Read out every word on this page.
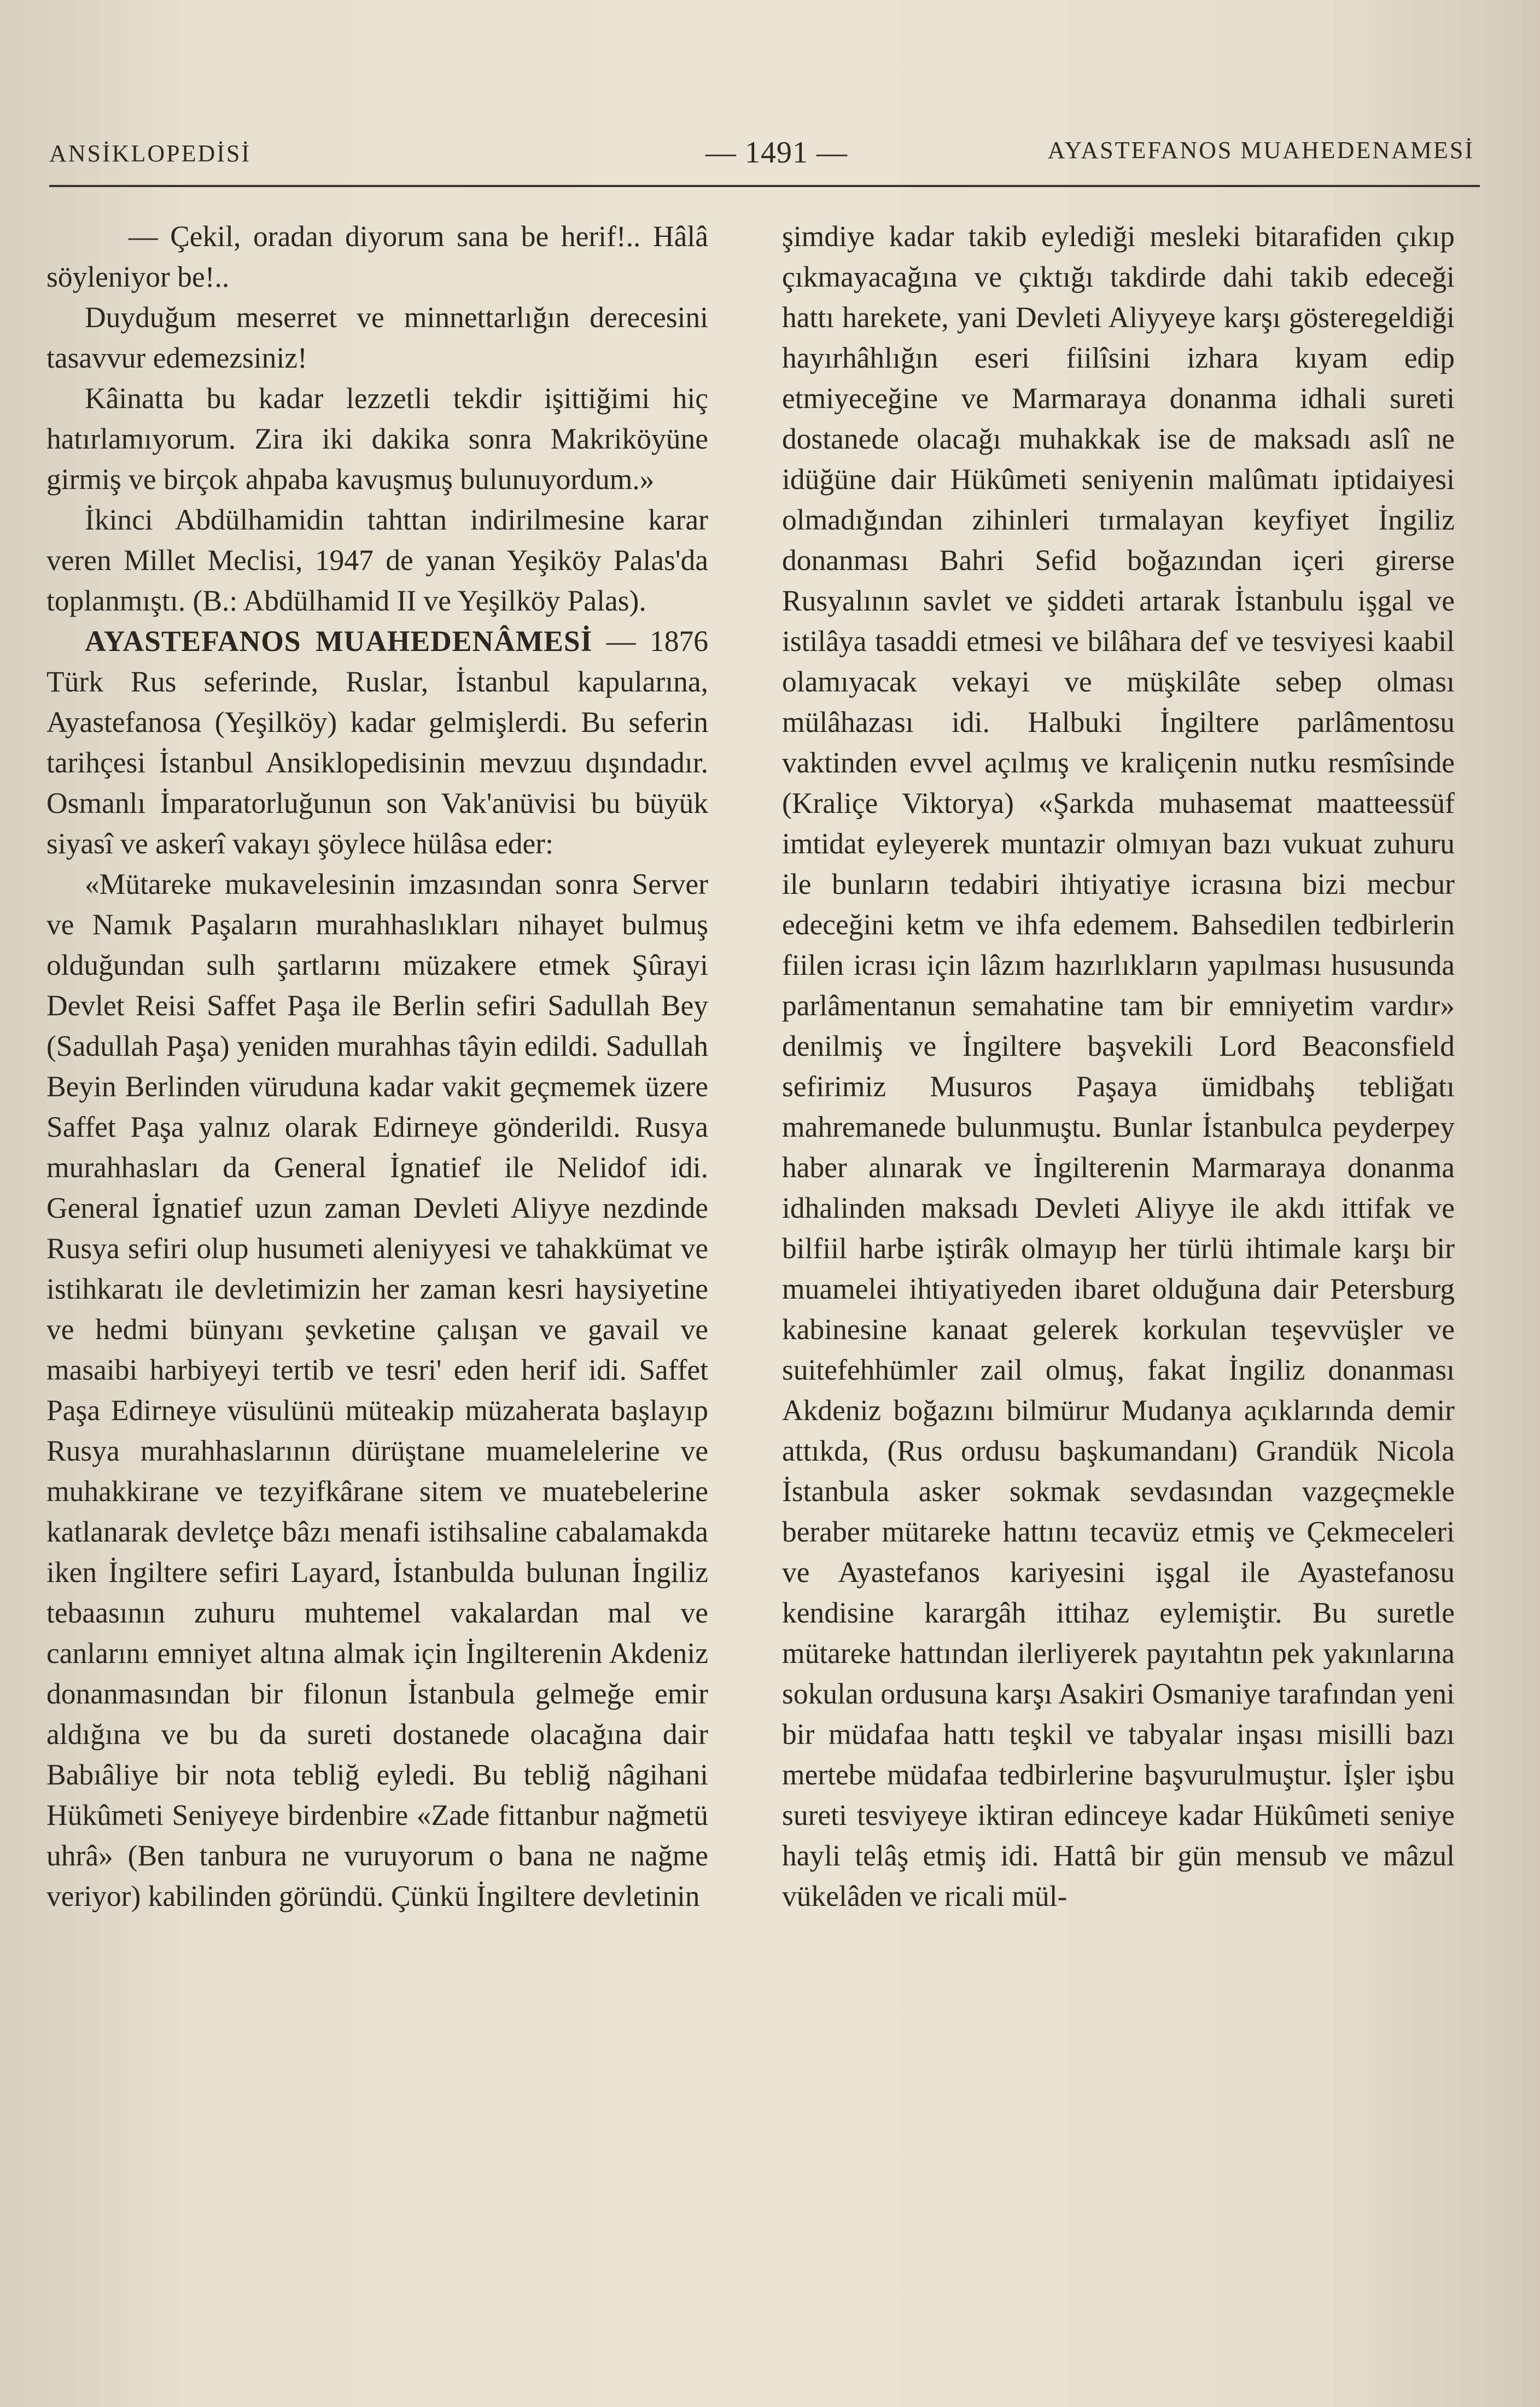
ANSİKLOPEDİSİ	— 1491 —	AYASTEFANOS MUAHEDENAMESİ

— Çekil, oradan diyorum sana be herif!.. Hâlâ söyleniyor be!..

Duyduğum meserret ve minnettarlığın derecesini tasavvur edemezsiniz!

Kâinatta bu kadar lezzetli tekdir işittiğimi hiç hatırlamıyorum. Zira iki dakika sonra Makriköyüne girmiş ve birçok ahpaba kavuşmuş bulunuyordum.»

İkinci Abdülhamidin tahttan indirilmesine karar veren Millet Meclisi, 1947 de yanan Yeşiköy Palas'da toplanmıştı. (B.: Abdülhamid II ve Yeşilköy Palas).

AYASTEFANOS MUAHEDENÂMESİ — 1876 Türk Rus seferinde, Ruslar, İstanbul kapularına, Ayastefanosa (Yeşilköy) kadar gelmişlerdi. Bu seferin tarihçesi İstanbul Ansiklopedisinin mevzuu dışındadır. Osmanlı İmparatorluğunun son Vak'anüvisi bu büyük siyasî ve askerî vakayı şöylece hülâsa eder:

«Mütareke mukavelesinin imzasından sonra Server ve Namık Paşaların murahhaslıkları nihayet bulmuş olduğundan sulh şartlarını müzakere etmek Şûrayi Devlet Reisi Saffet Paşa ile Berlin sefiri Sadullah Bey (Sadullah Paşa) yeniden murahhas tâyin edildi. Sadullah Beyin Berlinden vüruduna kadar vakit geçmemek üzere Saffet Paşa yalnız olarak Edirneye gönderildi. Rusya murahhasları da General İgnatief ile Nelidof idi. General İgnatief uzun zaman Devleti Aliyye nezdinde Rusya sefiri olup husumeti aleniyyesi ve tahakkümat ve istihkaratı ile devletimizin her zaman kesri haysiyetine ve hedmi bünyanı şevketine çalışan ve gavail ve masaibi harbiyeyi tertib ve tesri' eden herif idi. Saffet Paşa Edirneye vüsulünü müteakip müzaherata başlayıp Rusya murahhaslarının dürüştane muamelelerine ve muhakkirane ve tezyifkârane sitem ve muatebelerine katlanarak devletçe bâzı menafi istihsaline cabalamakda iken İngiltere sefiri Layard, İstanbulda bulunan İngiliz tebaasının zuhuru muhtemel vakalardan mal ve canlarını emniyet altına almak için İngilterenin Akdeniz donanmasından bir filonun İstanbula gelmeğe emir aldığına ve bu da sureti dostanede olacağına dair Babıâliye bir nota tebliğ eyledi. Bu tebliğ nâgihani Hükûmeti Seniyeye birdenbire «Zade fittanbur nağmetü uhrâ» (Ben tanbura ne vuruyorum o bana ne nağme veriyor) kabilinden göründü. Çünkü İngiltere devletinin

şimdiye kadar takib eylediği mesleki bitarafiden çıkıp çıkmayacağına ve çıktığı takdirde dahi takib edeceği hattı harekete, yani Devleti Aliyyeye karşı gösteregeldiği hayırhâhlığın eseri fiilîsini izhara kıyam edip etmiyeceğine ve Marmaraya donanma idhali sureti dostanede olacağı muhakkak ise de maksadı aslî ne idüğüne dair Hükûmeti seniyenin malûmatı iptidaiyesi olmadığından zihinleri tırmalayan keyfiyet İngiliz donanması Bahri Sefid boğazından içeri girerse Rusyalının savlet ve şiddeti artarak İstanbulu işgal ve istilâya tasaddi etmesi ve bilâhara def ve tesviyesi kaabil olamıyacak vekayi ve müşkilâte sebep olması mülâhazası idi. Halbuki İngiltere parlâmentosu vaktinden evvel açılmış ve kraliçenin nutku resmîsinde (Kraliçe Viktorya) «Şarkda muhasemat maatteessüf imtidat eyleyerek muntazir olmıyan bazı vukuat zuhuru ile bunların tedabiri ihtiyatiye icrasına bizi mecbur edeceğini ketm ve ihfa edemem. Bahsedilen tedbirlerin fiilen icrası için lâzım hazırlıkların yapılması hususunda parlâmentanun semahatine tam bir emniyetim vardır» denilmiş ve İngiltere başvekili Lord Beaconsfield sefirimiz Musuros Paşaya ümidbahş tebliğatı mahremanede bulunmuştu. Bunlar İstanbulca peyderpey haber alınarak ve İngilterenin Marmaraya donanma idhalinden maksadı Devleti Aliyye ile akdı ittifak ve bilfiil harbe iştirâk olmayıp her türlü ihtimale karşı bir muamelei ihtiyatiyeden ibaret olduğuna dair Petersburg kabinesine kanaat gelerek korkulan teşevvüşler ve suitefehhümler zail olmuş, fakat İngiliz donanması Akdeniz boğazını bilmürur Mudanya açıklarında demir attıkda, (Rus ordusu başkumandanı) Grandük Nicola İstanbula asker sokmak sevdasından vazgeçmekle beraber mütareke hattını tecavüz etmiş ve Çekmeceleri ve Ayastefanos kariyesini işgal ile Ayastefanosu kendisine karargâh ittihaz eylemiştir. Bu suretle mütareke hattından ilerliyerek payıtahtın pek yakınlarına sokulan ordusuna karşı Asakiri Osmaniye tarafından yeni bir müdafaa hattı teşkil ve tabyalar inşası misilli bazı mertebe müdafaa tedbirlerine başvurulmuştur. İşler işbu sureti tesviyeye iktiran edinceye kadar Hükûmeti seniye hayli telâş etmiş idi. Hattâ bir gün mensub ve mâzul vükelâden ve ricali mül-
